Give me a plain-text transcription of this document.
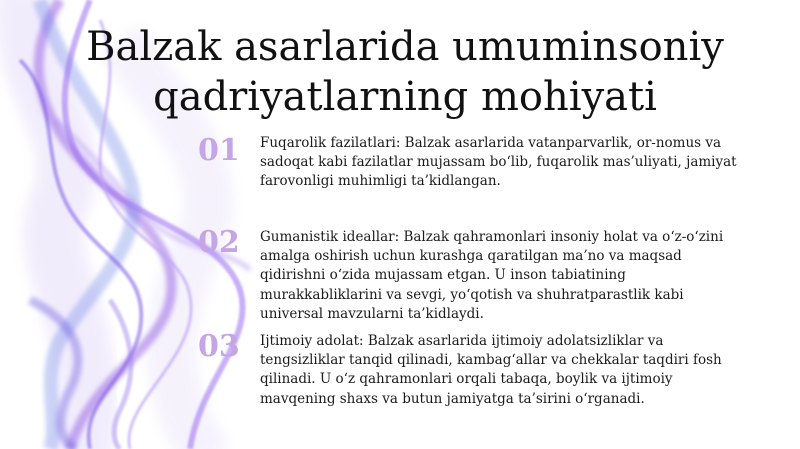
Balzak asarlarida umuminsoniy
qadriyatlarning mohiyati
01	Fuqarolik fazilatlari: Balzak asarlarida vatanparvarlik, or-nomus va sadoqat kabi fazilatlar mujassam bo‘lib, fuqarolik mas’uliyati, jamiyat farovonligi muhimligi ta’kidlangan.

02	Gumanistik ideallar: Balzak qahramonlari insoniy holat va o‘z-o‘zini amalga oshirish uchun kurashga qaratilgan ma’no va maqsad qidirishni o‘zida mujassam etgan. U inson tabiatining murakkabliklarini va sevgi, yo‘qotish va shuhratparastlik kabi universal mavzularni ta’kidlaydi.

03	Ijtimoiy adolat: Balzak asarlarida ijtimoiy adolatsizliklar va tengsizliklar tanqid qilinadi, kambag‘allar va chekkalar taqdiri fosh qilinadi. U o‘z qahramonlari orqali tabaqa, boylik va ijtimoiy mavqening shaxs va butun jamiyatga ta’sirini o‘rganadi.
